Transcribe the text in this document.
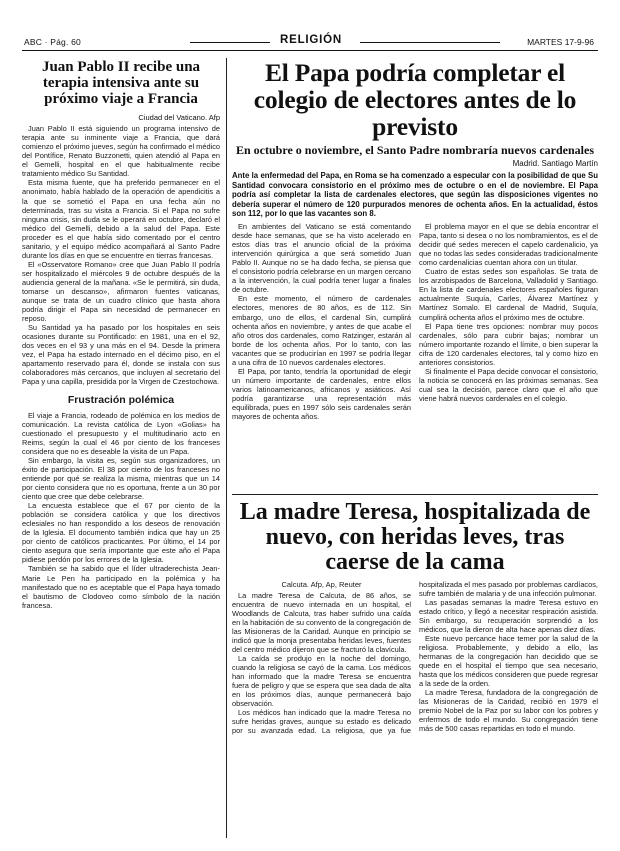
ABC · Pág. 60	RELIGIÓN	MARTES 17-9-96
Juan Pablo II recibe una terapia intensiva ante su próximo viaje a Francia
Ciudad del Vaticano. Afp

Juan Pablo II está siguiendo un programa intensivo de terapia ante su inminente viaje a Francia, que dará comienzo el próximo jueves, según ha confirmado el médico del Pontífice, Renato Buzzonetti, quien atendió al Papa en el Gemelli, hospital en el que habitualmente recibe tratamiento médico Su Santidad.

Esta misma fuente, que ha preferido permanecer en el anonimato, había hablado de la operación de apendicitis a la que se sometió el Papa en una fecha aún no determinada, tras su visita a Francia. Si el Papa no sufre ninguna crisis, sin duda se le operará en octubre, declaró el médico del Gemelli, debido a la salud del Papa. Este proceder es el que había sido comentado por el centro sanitario, y el equipo médico acompañará al Santo Padre durante los días en que se encuentre en tierras francesas.

El «Osservatore Romano» cree que Juan Pablo II podría ser hospitalizado el miércoles 9 de octubre después de la audiencia general de la mañana. «Se le permitirá, sin duda, tomarse un descanso», afirmaron fuentes vaticanas, aunque se trata de un cuadro clínico que hasta ahora podría dirigir el Papa sin necesidad de permanecer en reposo.

Su Santidad ya ha pasado por los hospitales en seis ocasiones durante su Pontificado: en 1981, una en el 92, dos veces en el 93 y una más en el 94. Desde la primera vez, el Papa ha estado internado en el décimo piso, en el apartamento reservado para él, donde se instala con sus colaboradores más cercanos, que incluyen al secretario del Papa y una capilla, presidida por la Virgen de Czestochowa.

Frustración polémica

El viaje a Francia, rodeado de polémica en los medios de comunicación. La revista católica de Lyon «Golias» ha cuestionado el presupuesto y el multitudinario acto en Reims, según la cual el 46 por ciento de los franceses considera que no es deseable la visita de un Papa.

Sin embargo, la visita es, según sus organizadores, un éxito de participación. El 38 por ciento de los franceses no entiende por qué se realiza la misma, mientras que un 14 por ciento considera que no es oportuna, frente a un 30 por ciento que cree que debe celebrarse.

La encuesta establece que el 67 por ciento de la población se considera católica y que los directivos eclesiales no han respondido a los deseos de renovación de la Iglesia. El documento también indica que hay un 25 por ciento de católicos practicantes. Por último, el 14 por ciento asegura que sería importante que este año el Papa pidiese perdón por los errores de la Iglesia.

También se ha sabido que el líder ultraderechista Jean-Marie Le Pen ha participado en la polémica y ha manifestado que no es aceptable que el Papa haya tomado el bautismo de Clodoveo como símbolo de la nación francesa.

El Papa podría completar el colegio de electores antes de lo previsto
En octubre o noviembre, el Santo Padre nombraría nuevos cardenales
Madrid. Santiago Martín
Ante la enfermedad del Papa, en Roma se ha comenzado a especular con la posibilidad de que Su Santidad convocara consistorio en el próximo mes de octubre o en el de noviembre. El Papa podría así completar la lista de cardenales electores, que según las disposiciones vigentes no debería superar el número de 120 purpurados menores de ochenta años. En la actualidad, éstos son 112, por lo que las vacantes son 8.

En ambientes del Vaticano se está comentando desde hace semanas, que se ha visto acelerado en estos días tras el anuncio oficial de la próxima intervención quirúrgica a que será sometido Juan Pablo II. Aunque no se ha dado fecha, se piensa que el consistorio podría celebrarse en un margen cercano a la intervención, la cual podría tener lugar a finales de octubre.

En este momento, el número de cardenales electores, menores de 80 años, es de 112. Sin embargo, uno de ellos, el cardenal Sin, cumplirá ochenta años en noviembre, y antes de que acabe el año otros dos cardenales, como Ratzinger, estarán al borde de los ochenta años. Por lo tanto, con las vacantes que se producirían en 1997 se podría llegar a una cifra de 10 nuevos cardenales electores.

El Papa, por tanto, tendría la oportunidad de elegir un número importante de cardenales, entre ellos varios latinoamericanos, africanos y asiáticos. Así podría garantizarse una representación más equilibrada, pues en 1997 sólo seis cardenales serán mayores de ochenta años.

El problema mayor en el que se debía encontrar el Papa, tanto si desea o no los nombramientos, es el de decidir qué sedes merecen el capelo cardenalicio, ya que no todas las sedes consideradas tradicionalmente como cardenalicias cuentan ahora con un titular.

Cuatro de estas sedes son españolas. Se trata de los arzobispados de Barcelona, Valladolid y Santiago. En la lista de cardenales electores españoles figuran actualmente Suquía, Carles, Álvarez Martínez y Martínez Somalo. El cardenal de Madrid, Suquía, cumplirá ochenta años el próximo mes de octubre.

El Papa tiene tres opciones: nombrar muy pocos cardenales, sólo para cubrir bajas; nombrar un número importante rozando el límite, o bien superar la cifra de 120 cardenales electores, tal y como hizo en anteriores consistorios.

Si finalmente el Papa decide convocar el consistorio, la noticia se conocerá en las próximas semanas. Sea cual sea la decisión, parece claro que el año que viene habrá nuevos cardenales en el colegio.

La madre Teresa, hospitalizada de nuevo, con heridas leves, tras caerse de la cama
Calcuta. Afp, Ap, Reuter

La madre Teresa de Calcuta, de 86 años, se encuentra de nuevo internada en un hospital, el Woodlands de Calcuta, tras haber sufrido una caída en la habitación de su convento de la congregación de las Misioneras de la Caridad. Aunque en principio se indicó que la monja presentaba heridas leves, fuentes del centro médico dijeron que se fracturó la clavícula.

La caída se produjo en la noche del domingo, cuando la religiosa se cayó de la cama. Los médicos han informado que la madre Teresa se encuentra fuera de peligro y que se espera que sea dada de alta en los próximos días, aunque permanecerá bajo observación.

Los médicos han indicado que la madre Teresa no sufre heridas graves, aunque su estado es delicado por su avanzada edad. La religiosa, que ya fue hospitalizada el mes pasado por problemas cardíacos, sufre también de malaria y de una infección pulmonar.

Las pasadas semanas la madre Teresa estuvo en estado crítico, y llegó a necesitar respiración asistida. Sin embargo, su recuperación sorprendió a los médicos, que la dieron de alta hace apenas diez días.

Este nuevo percance hace temer por la salud de la religiosa. Probablemente, y debido a ello, las hermanas de la congregación han decidido que se quede en el hospital el tiempo que sea necesario, hasta que los médicos consideren que puede regresar a la sede de la orden.

La madre Teresa, fundadora de la congregación de las Misioneras de la Caridad, recibió en 1979 el premio Nobel de la Paz por su labor con los pobres y enfermos de todo el mundo. Su congregación tiene más de 500 casas repartidas en todo el mundo.
